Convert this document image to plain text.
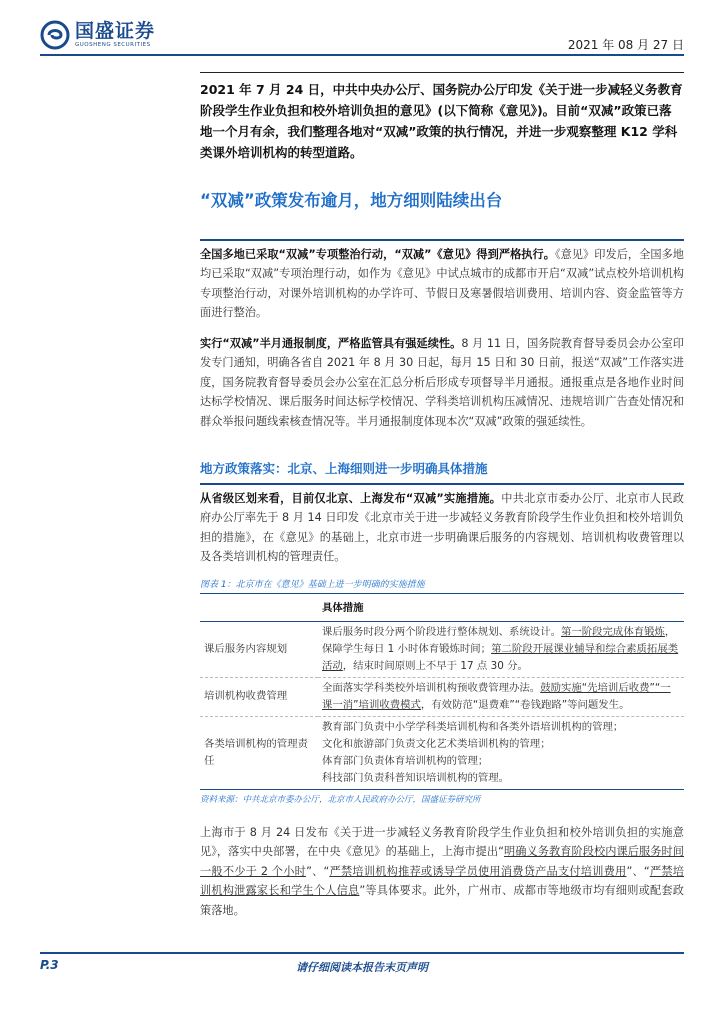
国盛证券
GUOSHENG SECURITIES	2021 年 08 月 27 日
2021 年 7 月 24 日，中共中央办公厅、国务院办公厅印发《关于进一步减轻义务教育阶段学生作业负担和校外培训负担的意见》(以下简称《意见》)。目前“双减”政策已落地一个月有余，我们整理各地对“双减”政策的执行情况，并进一步观察整理 K12 学科类课外培训机构的转型道路。
“双减”政策发布逾月，地方细则陆续出台

全国多地已采取“双减”专项整治行动，“双减”《意见》得到严格执行。《意见》印发后，全国多地均已采取“双减”专项治理行动，如作为《意见》中试点城市的成都市开启“双减”试点校外培训机构专项整治行动，对课外培训机构的办学许可、节假日及寒暑假培训费用、培训内容、资金监管等方面进行整治。

实行“双减”半月通报制度，严格监管具有强延续性。8 月 11 日，国务院教育督导委员会办公室印发专门通知，明确各省自 2021 年 8 月 30 日起，每月 15 日和 30 日前，报送“双减”工作落实进度，国务院教育督导委员会办公室在汇总分析后形成专项督导半月通报。通报重点是各地作业时间达标学校情况、课后服务时间达标学校情况、学科类培训机构压减情况、违规培训广告查处情况和群众举报问题线索核查情况等。半月通报制度体现本次“双减”政策的强延续性。

地方政策落实：北京、上海细则进一步明确具体措施

从省级区划来看，目前仅北京、上海发布“双减”实施措施。中共北京市委办公厅、北京市人民政府办公厅率先于 8 月 14 日印发《北京市关于进一步减轻义务教育阶段学生作业负担和校外培训负担的措施》，在《意见》的基础上，北京市进一步明确课后服务的内容规划、培训机构收费管理以及各类培训机构的管理责任。

图表 1：北京市在《意见》基础上进一步明确的实施措施
	具体措施
课后服务内容规划	课后服务时段分两个阶段进行整体规划、系统设计。第一阶段完成体育锻炼，保障学生每日 1 小时体育锻炼时间；第二阶段开展课业辅导和综合素质拓展类活动，结束时间原则上不早于 17 点 30 分。
培训机构收费管理	全面落实学科类校外培训机构预收费管理办法。鼓励实施“先培训后收费”“一课一消”培训收费模式，有效防范“退费难”“卷钱跑路”等问题发生。
各类培训机构的管理责任	教育部门负责中小学学科类培训机构和各类外语培训机构的管理；
文化和旅游部门负责文化艺术类培训机构的管理；
体育部门负责体育培训机构的管理；
科技部门负责科普知识培训机构的管理。
资料来源：中共北京市委办公厅，北京市人民政府办公厅，国盛证券研究所

上海市于 8 月 24 日发布《关于进一步减轻义务教育阶段学生作业负担和校外培训负担的实施意见》，落实中央部署，在中央《意见》的基础上，上海市提出“明确义务教育阶段校内课后服务时间一般不少于 2 个小时”、“严禁培训机构推荐或诱导学员使用消费贷产品支付培训费用”、“严禁培训机构泄露家长和学生个人信息”等具体要求。此外，广州市、成都市等地级市均有细则或配套政策落地。

P.3	请仔细阅读本报告末页声明
